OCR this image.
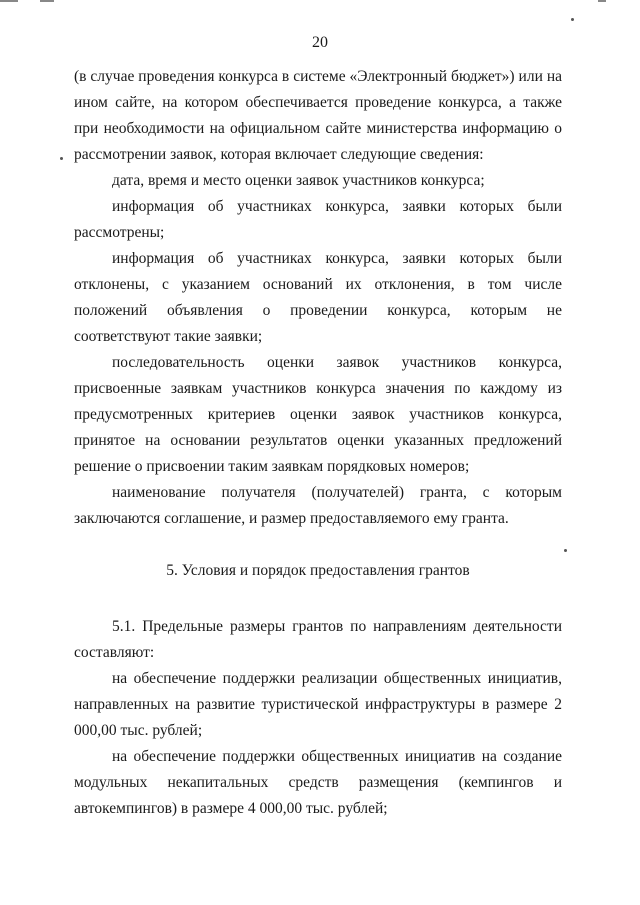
20

(в случае проведения конкурса в системе «Электронный бюджет») или на ином сайте, на котором обеспечивается проведение конкурса, а также при необходимости на официальном сайте министерства информацию о рассмотрении заявок, которая включает следующие сведения:

дата, время и место оценки заявок участников конкурса;

информация об участниках конкурса, заявки которых были рассмотрены;

информация об участниках конкурса, заявки которых были отклонены, с указанием оснований их отклонения, в том числе положений объявления о проведении конкурса, которым не соответствуют такие заявки;

последовательность оценки заявок участников конкурса, присвоенные заявкам участников конкурса значения по каждому из предусмотренных критериев оценки заявок участников конкурса, принятое на основании результатов оценки указанных предложений решение о присвоении таким заявкам порядковых номеров;

наименование получателя (получателей) гранта, с которым заключаются соглашение, и размер предоставляемого ему гранта.

5. Условия и порядок предоставления грантов

5.1. Предельные размеры грантов по направлениям деятельности составляют:

на обеспечение поддержки реализации общественных инициатив, направленных на развитие туристической инфраструктуры в размере 2 000,00 тыс. рублей;

на обеспечение поддержки общественных инициатив на создание модульных некапитальных средств размещения (кемпингов и автокемпингов) в размере 4 000,00 тыс. рублей;
